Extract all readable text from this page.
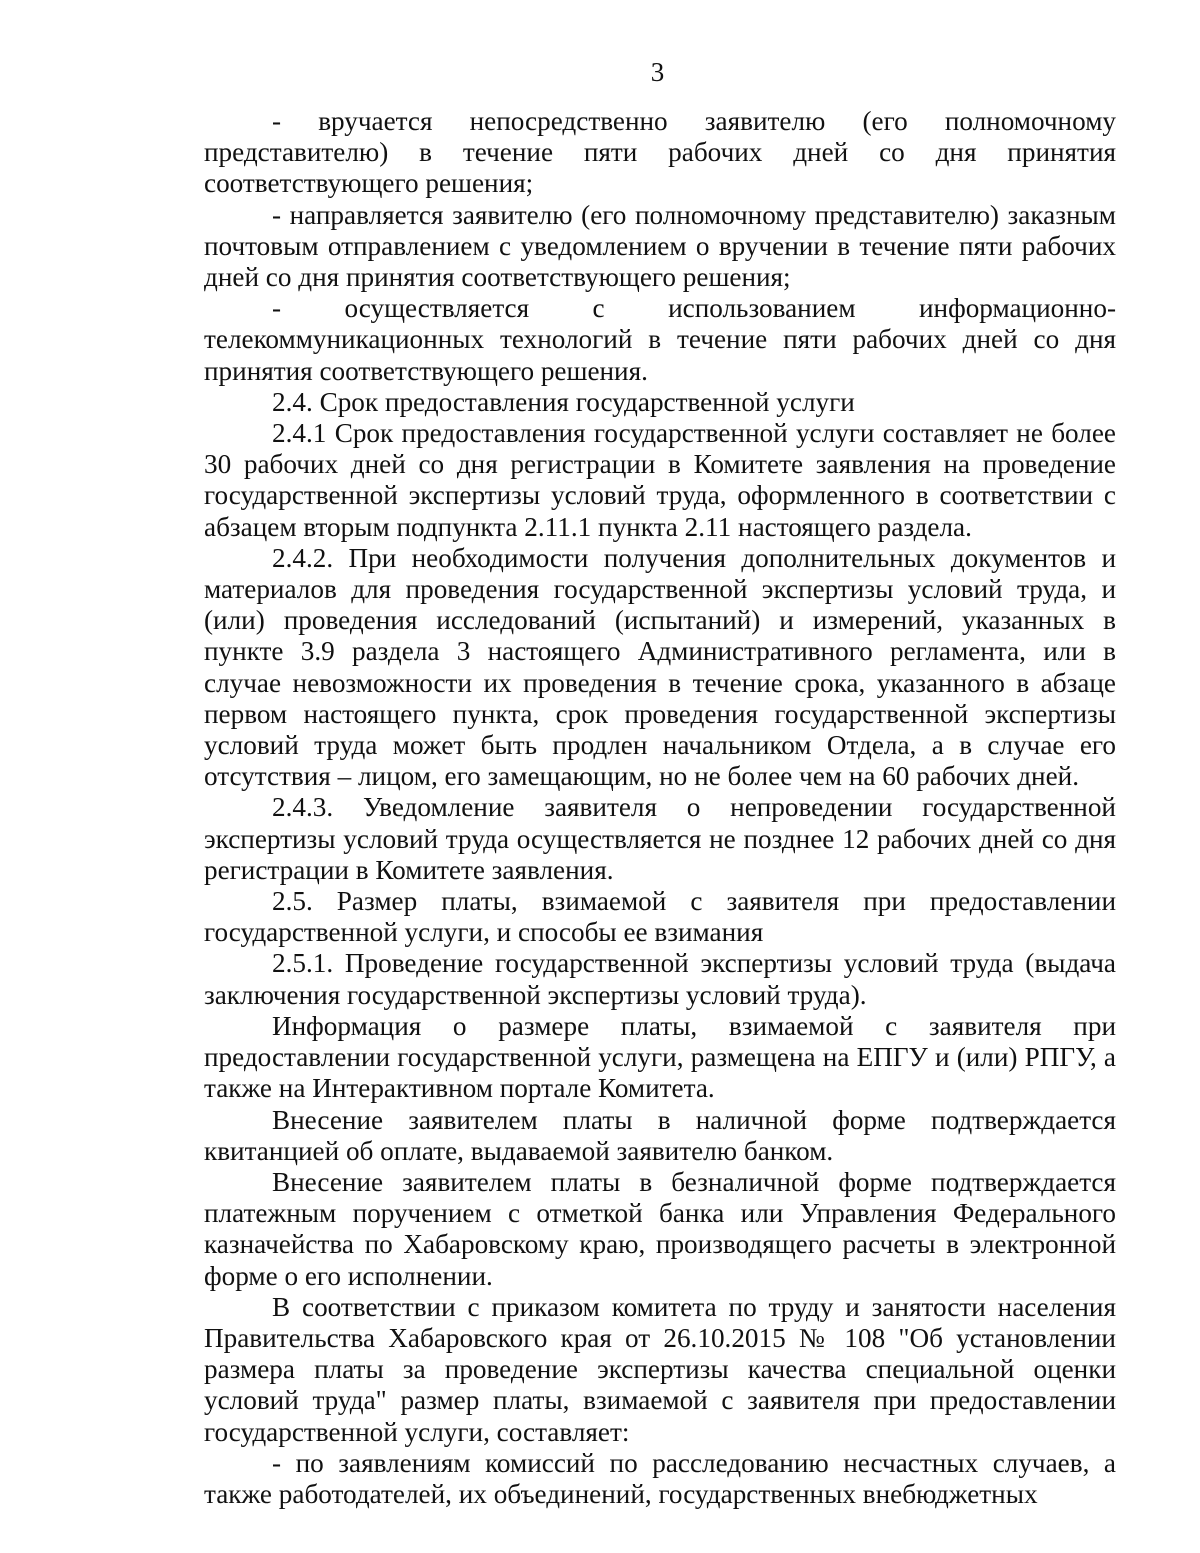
3

- вручается непосредственно заявителю (его полномочному представителю) в течение пяти рабочих дней со дня принятия соответствующего решения;

- направляется заявителю (его полномочному представителю) заказным почтовым отправлением с уведомлением о вручении в течение пяти рабочих дней со дня принятия соответствующего решения;

- осуществляется с использованием информационно-телекоммуникационных технологий в течение пяти рабочих дней со дня принятия соответствующего решения.

2.4. Срок предоставления государственной услуги

2.4.1 Срок предоставления государственной услуги составляет не более 30 рабочих дней со дня регистрации в Комитете заявления на проведение государственной экспертизы условий труда, оформленного в соответствии с абзацем вторым подпункта 2.11.1 пункта 2.11 настоящего раздела.

2.4.2. При необходимости получения дополнительных документов и материалов для проведения государственной экспертизы условий труда, и (или) проведения исследований (испытаний) и измерений, указанных в пункте 3.9 раздела 3 настоящего Административного регламента, или в случае невозможности их проведения в течение срока, указанного в абзаце первом настоящего пункта, срок проведения государственной экспертизы условий труда может быть продлен начальником Отдела, а в случае его отсутствия – лицом, его замещающим, но не более чем на 60 рабочих дней.

2.4.3. Уведомление заявителя о непроведении государственной экспертизы условий труда осуществляется не позднее 12 рабочих дней со дня регистрации в Комитете заявления.

2.5. Размер платы, взимаемой с заявителя при предоставлении государственной услуги, и способы ее взимания

2.5.1. Проведение государственной экспертизы условий труда (выдача заключения государственной экспертизы условий труда).

Информация о размере платы, взимаемой с заявителя при предоставлении государственной услуги, размещена на ЕПГУ и (или) РПГУ, а также на Интерактивном портале Комитета.

Внесение заявителем платы в наличной форме подтверждается квитанцией об оплате, выдаваемой заявителю банком.

Внесение заявителем платы в безналичной форме подтверждается платежным поручением с отметкой банка или Управления Федерального казначейства по Хабаровскому краю, производящего расчеты в электронной форме о его исполнении.

В соответствии с приказом комитета по труду и занятости населения Правительства Хабаровского края от 26.10.2015 № 108 "Об установлении размера платы за проведение экспертизы качества специальной оценки условий труда" размер платы, взимаемой с заявителя при предоставлении государственной услуги, составляет:

- по заявлениям комиссий по расследованию несчастных случаев, а также работодателей, их объединений, государственных внебюджетных
